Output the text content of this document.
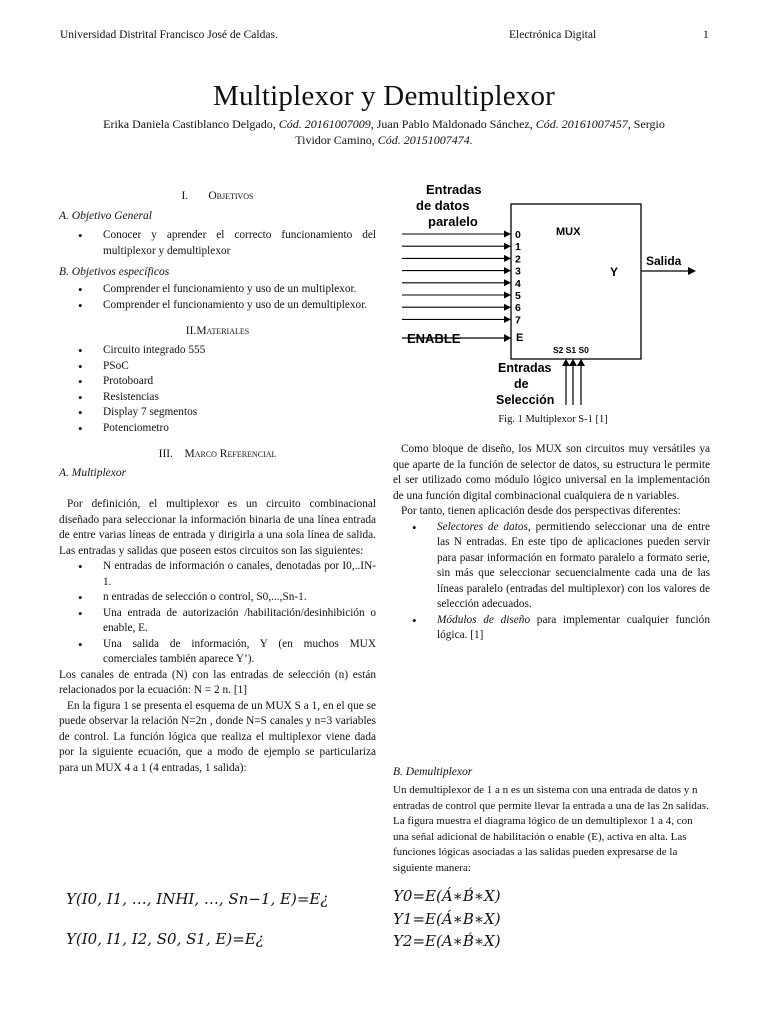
Universidad Distrital Francisco José de Caldas.	Electrónica Digital	1
Multiplexor y Demultiplexor
Erika Daniela Castiblanco Delgado, Cód. 20161007009, Juan Pablo Maldonado Sánchez, Cód. 20161007457, Sergio Tividor Camino, Cód. 20151007474.
I. Objetivos
A. Objetivo General
• Conocer y aprender el correcto funcionamiento del multiplexor y demultiplexor
B. Objetivos específicos
• Comprender el funcionamiento y uso de un multiplexor.
• Comprender el funcionamiento y uso de un demultiplexor.
II.Materiales
• Circuito integrado 555
• PSoC
• Protoboard
• Resistencias
• Display 7 segmentos
• Potenciometro
III. Marco Referencial
A. Multiplexor
Por definición, el multiplexor es un circuito combinacional diseñado para seleccionar la información binaria de una línea entrada de entre varias líneas de entrada y dirigirla a una sola línea de salida. Las entradas y salidas que poseen estos circuitos son las siguientes:
• N entradas de información o canales, denotadas por I0,..IN-1.
• n entradas de selección o control, S0,...,Sn-1.
• Una entrada de autorización /habilitación/desinhibición o enable, E.
• Una salida de información, Y (en muchos MUX comerciales también aparece Y’).
Los canales de entrada (N) con las entradas de selección (n) están relacionados por la ecuación: N = 2 n. [1]
En la figura 1 se presenta el esquema de un MUX S a 1, en el que se puede observar la relación N=2n , donde N=S canales y n=3 variables de control. La función lógica que realiza el multiplexor viene dada por la siguiente ecuación, que a modo de ejemplo se particulariza para un MUX 4 a 1 (4 entradas, 1 salida):
Y(I0, I1, …, INHI, …, Sn−1, E)=E¿
Y(I0, I1, I2, S0, S1, E)=E¿
Entradas
de datos
paralelo
MUX
0
1
2
3
4
5
6
7
ENABLE	E
Y
Salida
S2 S1 S0
Entradas
de
Selección
Fig. 1 Multiplexor S-1 [1]
Como bloque de diseño, los MUX son circuitos muy versátiles ya que aparte de la función de selector de datos, su estructura le permite el ser utilizado como módulo lógico universal en la implementación de una función digital combinacional cualquiera de n variables.
Por tanto, tienen aplicación desde dos perspectivas diferentes:
• Selectores de datos, permitiendo seleccionar una de entre las N entradas. En este tipo de aplicaciones pueden servir para pasar información en formato paralelo a formato serie, sin más que seleccionar secuencialmente cada una de las líneas paralelo (entradas del multiplexor) con los valores de selección adecuados.
• Módulos de diseño para implementar cualquier función lógica. [1]
B. Demultiplexor
Un demultiplexor de 1 a n es un sistema con una entrada de datos y n entradas de control que permite llevar la entrada a una de las 2n salidas. La figura muestra el diagrama lógico de un demultiplexor 1 a 4, con una señal adicional de habilitación o enable (E), activa en alta. Las funciones lógicas asociadas a las salidas pueden expresarse de la siguiente manera:
Y0=E(Á∗B́∗X)
Y1=E(Á∗B∗X)
Y2=E(A∗B́∗X)
